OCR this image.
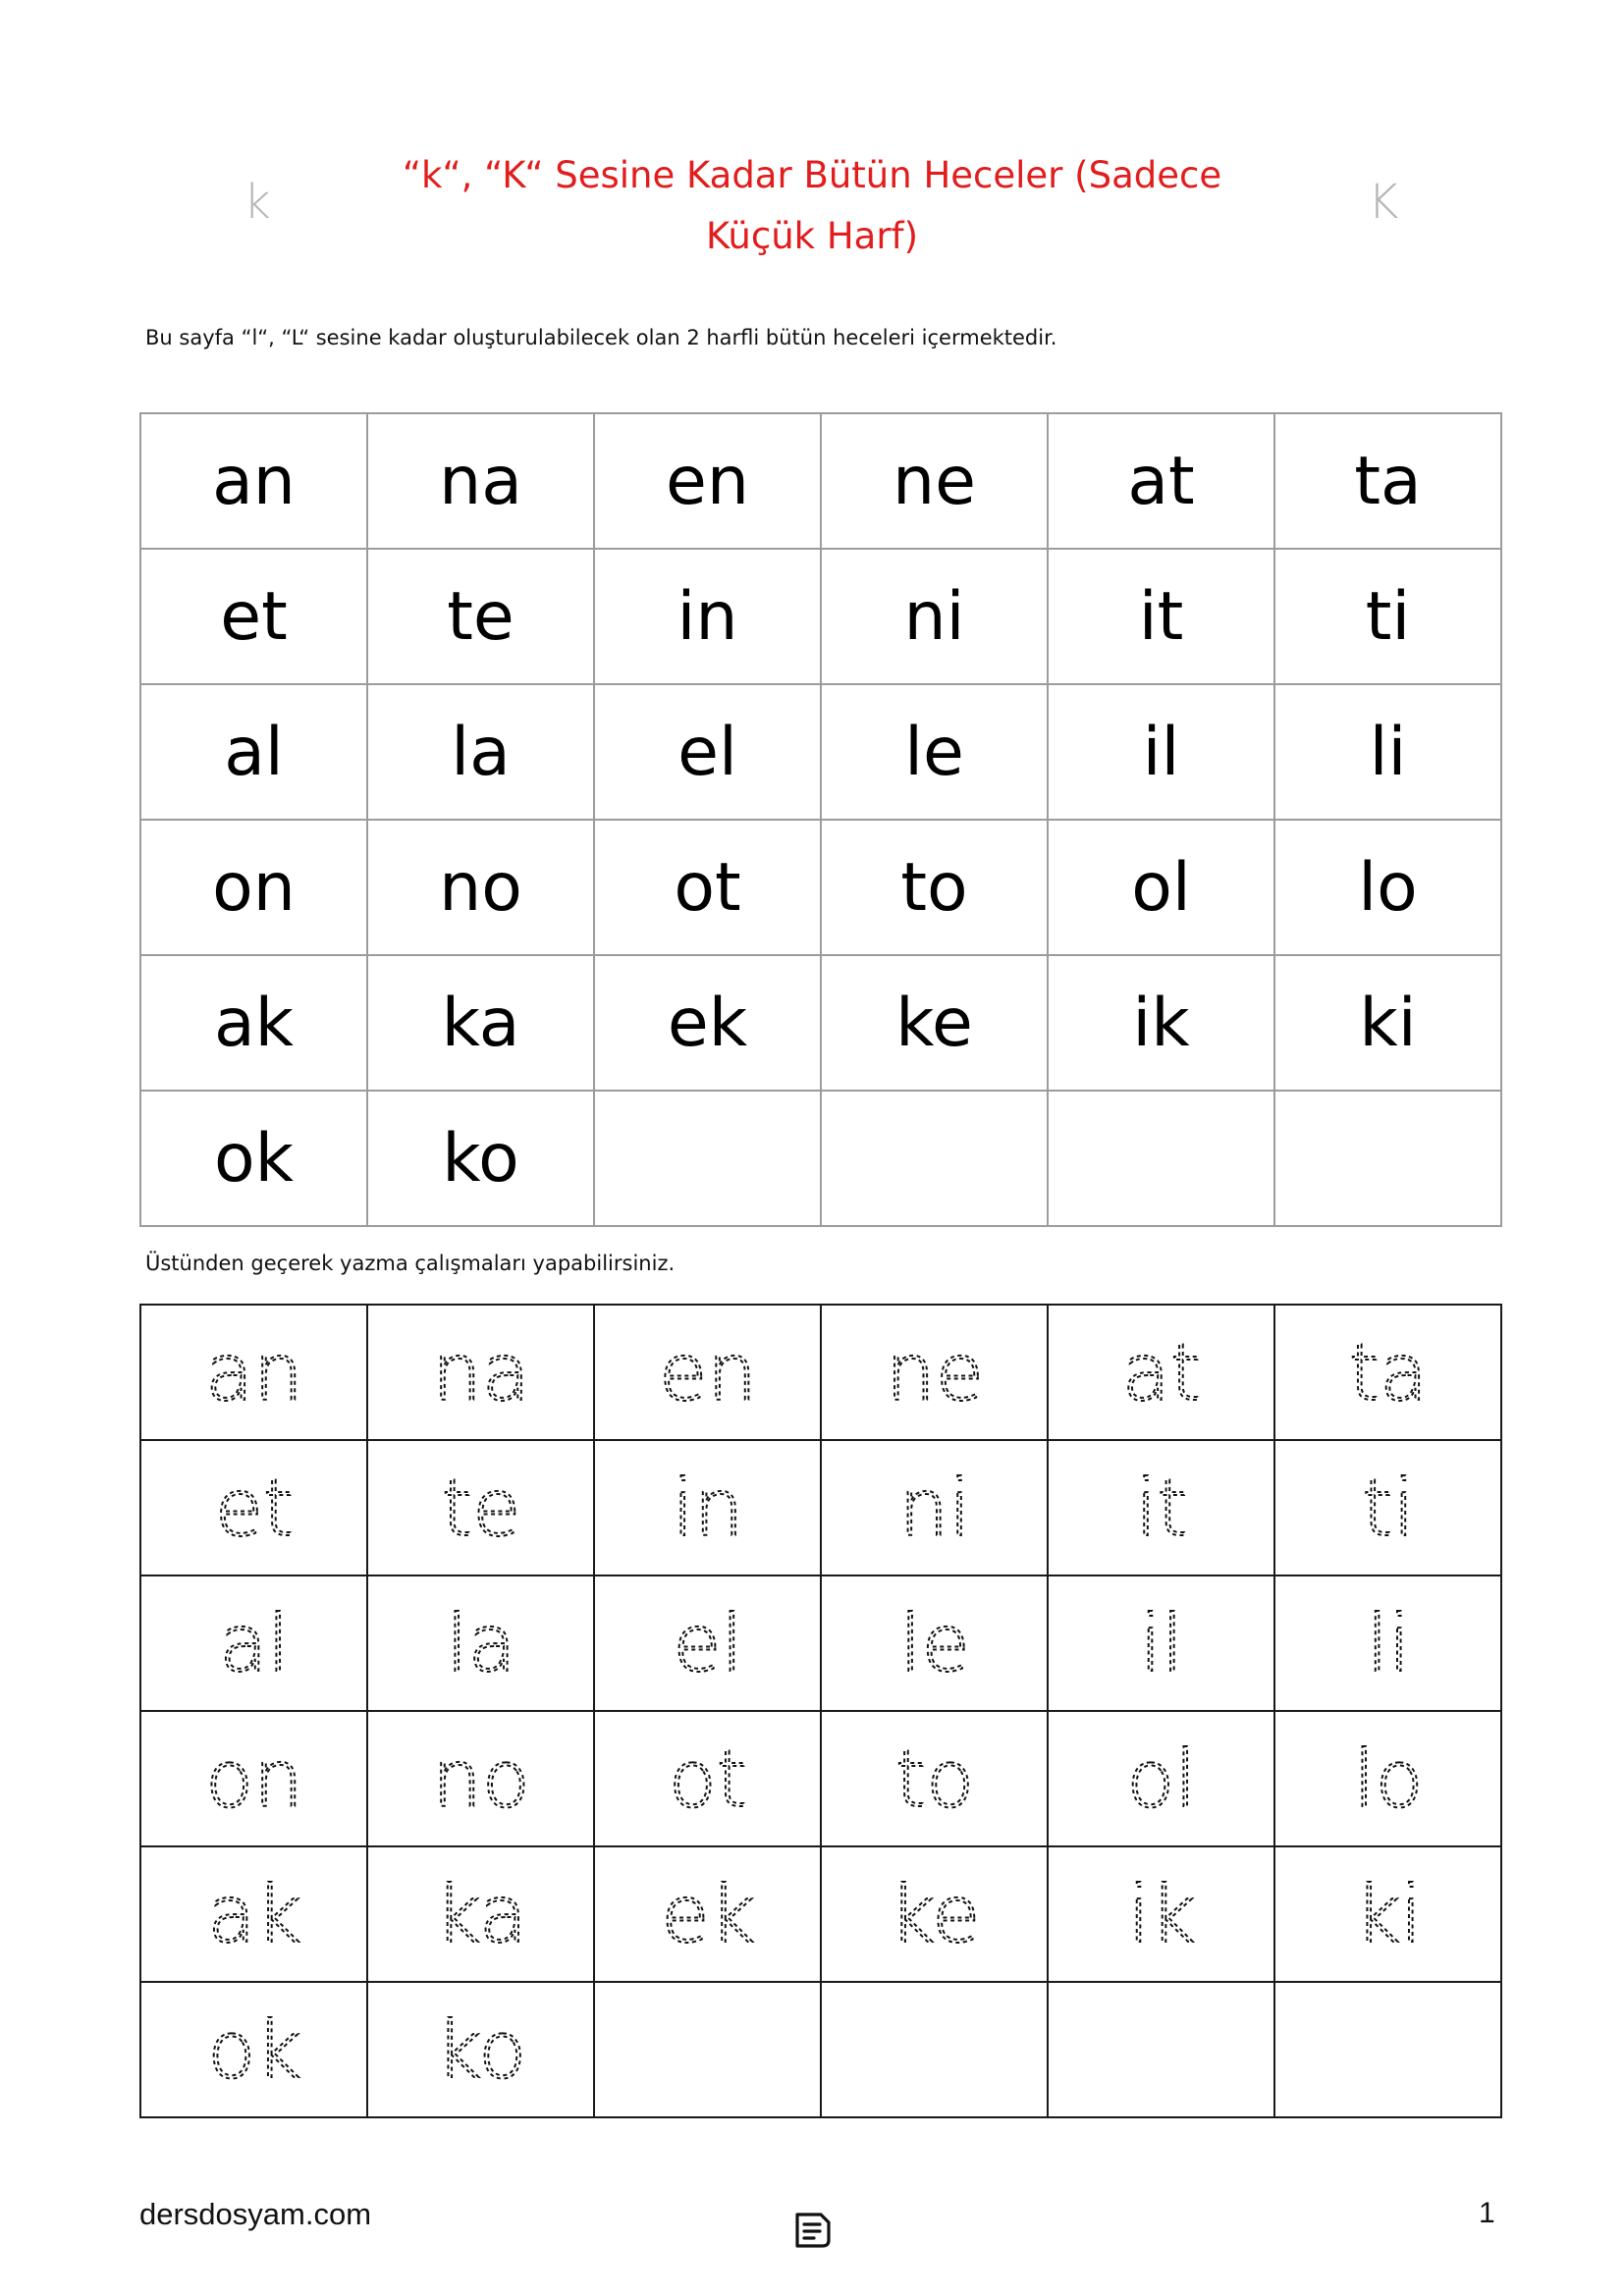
k	K
“k“, “K“ Sesine Kadar Bütün Heceler (Sadece
Küçük Harf)
Bu sayfa “l“, “L“ sesine kadar oluşturulabilecek olan 2 harfli bütün heceleri içermektedir.
an	na	en	ne	at	ta
et	te	in	ni	it	ti
al	la	el	le	il	li
on	no	ot	to	ol	lo
ak	ka	ek	ke	ik	ki
ok	ko				
Üstünden geçerek yazma çalışmaları yapabilirsiniz.
an	na	en	ne	at	ta

et	te	in	ni	it	ti

al	la	el	le	il	li

on	no	ot	to	ol	lo

ak	ka	ek	ke	ik	ki

ok	ko

dersdosyam.com	1
